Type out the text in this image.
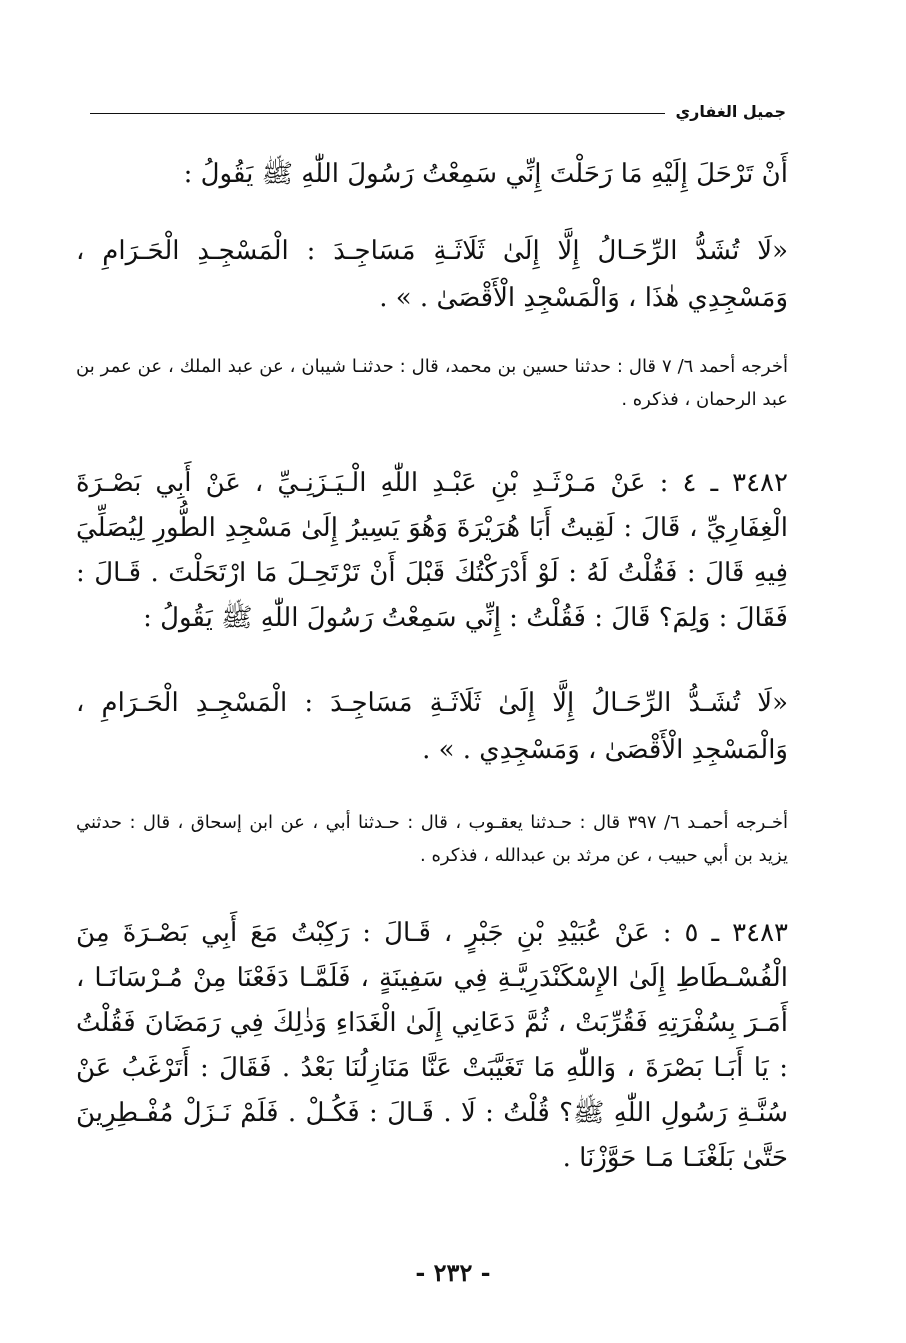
جميل الغفاري

أَنْ تَرْحَلَ إِلَيْهِ مَا رَحَلْتَ إِنِّي سَمِعْتُ رَسُولَ اللّٰهِ ﷺ يَقُولُ :

«لَا تُشَدُّ الرِّحَـالُ إِلَّا إِلَىٰ ثَلَاثَـةِ مَسَاجِـدَ : الْمَسْجِـدِ الْحَـرَامِ ، وَمَسْجِدِي هٰذَا ، وَالْمَسْجِدِ الْأَقْصَىٰ . » .

أخرجه أحمد ٦/ ٧ قال : حدثنا حسين بن محمد، قال : حدثنـا شيبان ، عن عبد الملك ، عن عمر بن عبد الرحمان ، فذكره .

٣٤٨٢ ـ ٤ : عَنْ مَـرْثَـدِ بْنِ عَبْـدِ اللّٰهِ الْـيَـزَنِـيِّ ، عَنْ أَبِي بَصْـرَةَ الْغِفَارِيِّ ، قَالَ : لَقِيتُ أَبَا هُرَيْرَةَ وَهُوَ يَسِيرُ إِلَىٰ مَسْجِدِ الطُّورِ لِيُصَلِّيَ فِيهِ قَالَ : فَقُلْتُ لَهُ : لَوْ أَدْرَكْتُكَ قَبْلَ أَنْ تَرْتَحِـلَ مَا ارْتَحَلْتَ . قَـالَ : فَقَالَ : وَلِمَ؟ قَالَ : فَقُلْتُ : إِنِّي سَمِعْتُ رَسُولَ اللّٰهِ ﷺ يَقُولُ :

«لَا تُشَـدُّ الرِّحَـالُ إِلَّا إِلَىٰ ثَلَاثَـةِ مَسَاجِـدَ : الْمَسْجِـدِ الْحَـرَامِ ، وَالْمَسْجِدِ الْأَقْصَىٰ ، وَمَسْجِدِي . » .

أخـرجه أحمـد ٦/ ٣٩٧ قال : حـدثنا يعقـوب ، قال : حـدثنا أبي ، عن ابن إسحاق ، قال : حدثني يزيد بن أبي حبيب ، عن مرثد بن عبدالله ، فذكره .

٣٤٨٣ ـ ٥ : عَنْ عُبَيْدِ بْنِ جَبْرٍ ، قَـالَ : رَكِبْتُ مَعَ أَبِي بَصْـرَةَ مِنَ الْفُسْـطَاطِ إِلَىٰ الإِسْكَنْدَرِيَّـةِ فِي سَفِينَةٍ ، فَلَمَّـا دَفَعْنَا مِنْ مُـرْسَانَـا ، أَمَـرَ بِسُفْرَتِهِ فَقُرِّبَتْ ، ثُمَّ دَعَانِي إِلَىٰ الْغَدَاءِ وَذٰلِكَ فِي رَمَضَانَ فَقُلْتُ : يَا أَبَـا بَصْرَةَ ، وَاللّٰهِ مَا تَغَيَّبَتْ عَنَّا مَنَازِلُنَا بَعْدُ . فَقَالَ : أَتَرْغَبُ عَنْ سُنَّـةِ رَسُولِ اللّٰهِ ﷺ؟ قُلْتُ : لَا . قَـالَ : فَكُـلْ . فَلَمْ نَـزَلْ مُفْـطِرِينَ حَتَّىٰ بَلَغْنَـا مَـا حَوَّزْنَا .

- ٢٣٢ -
